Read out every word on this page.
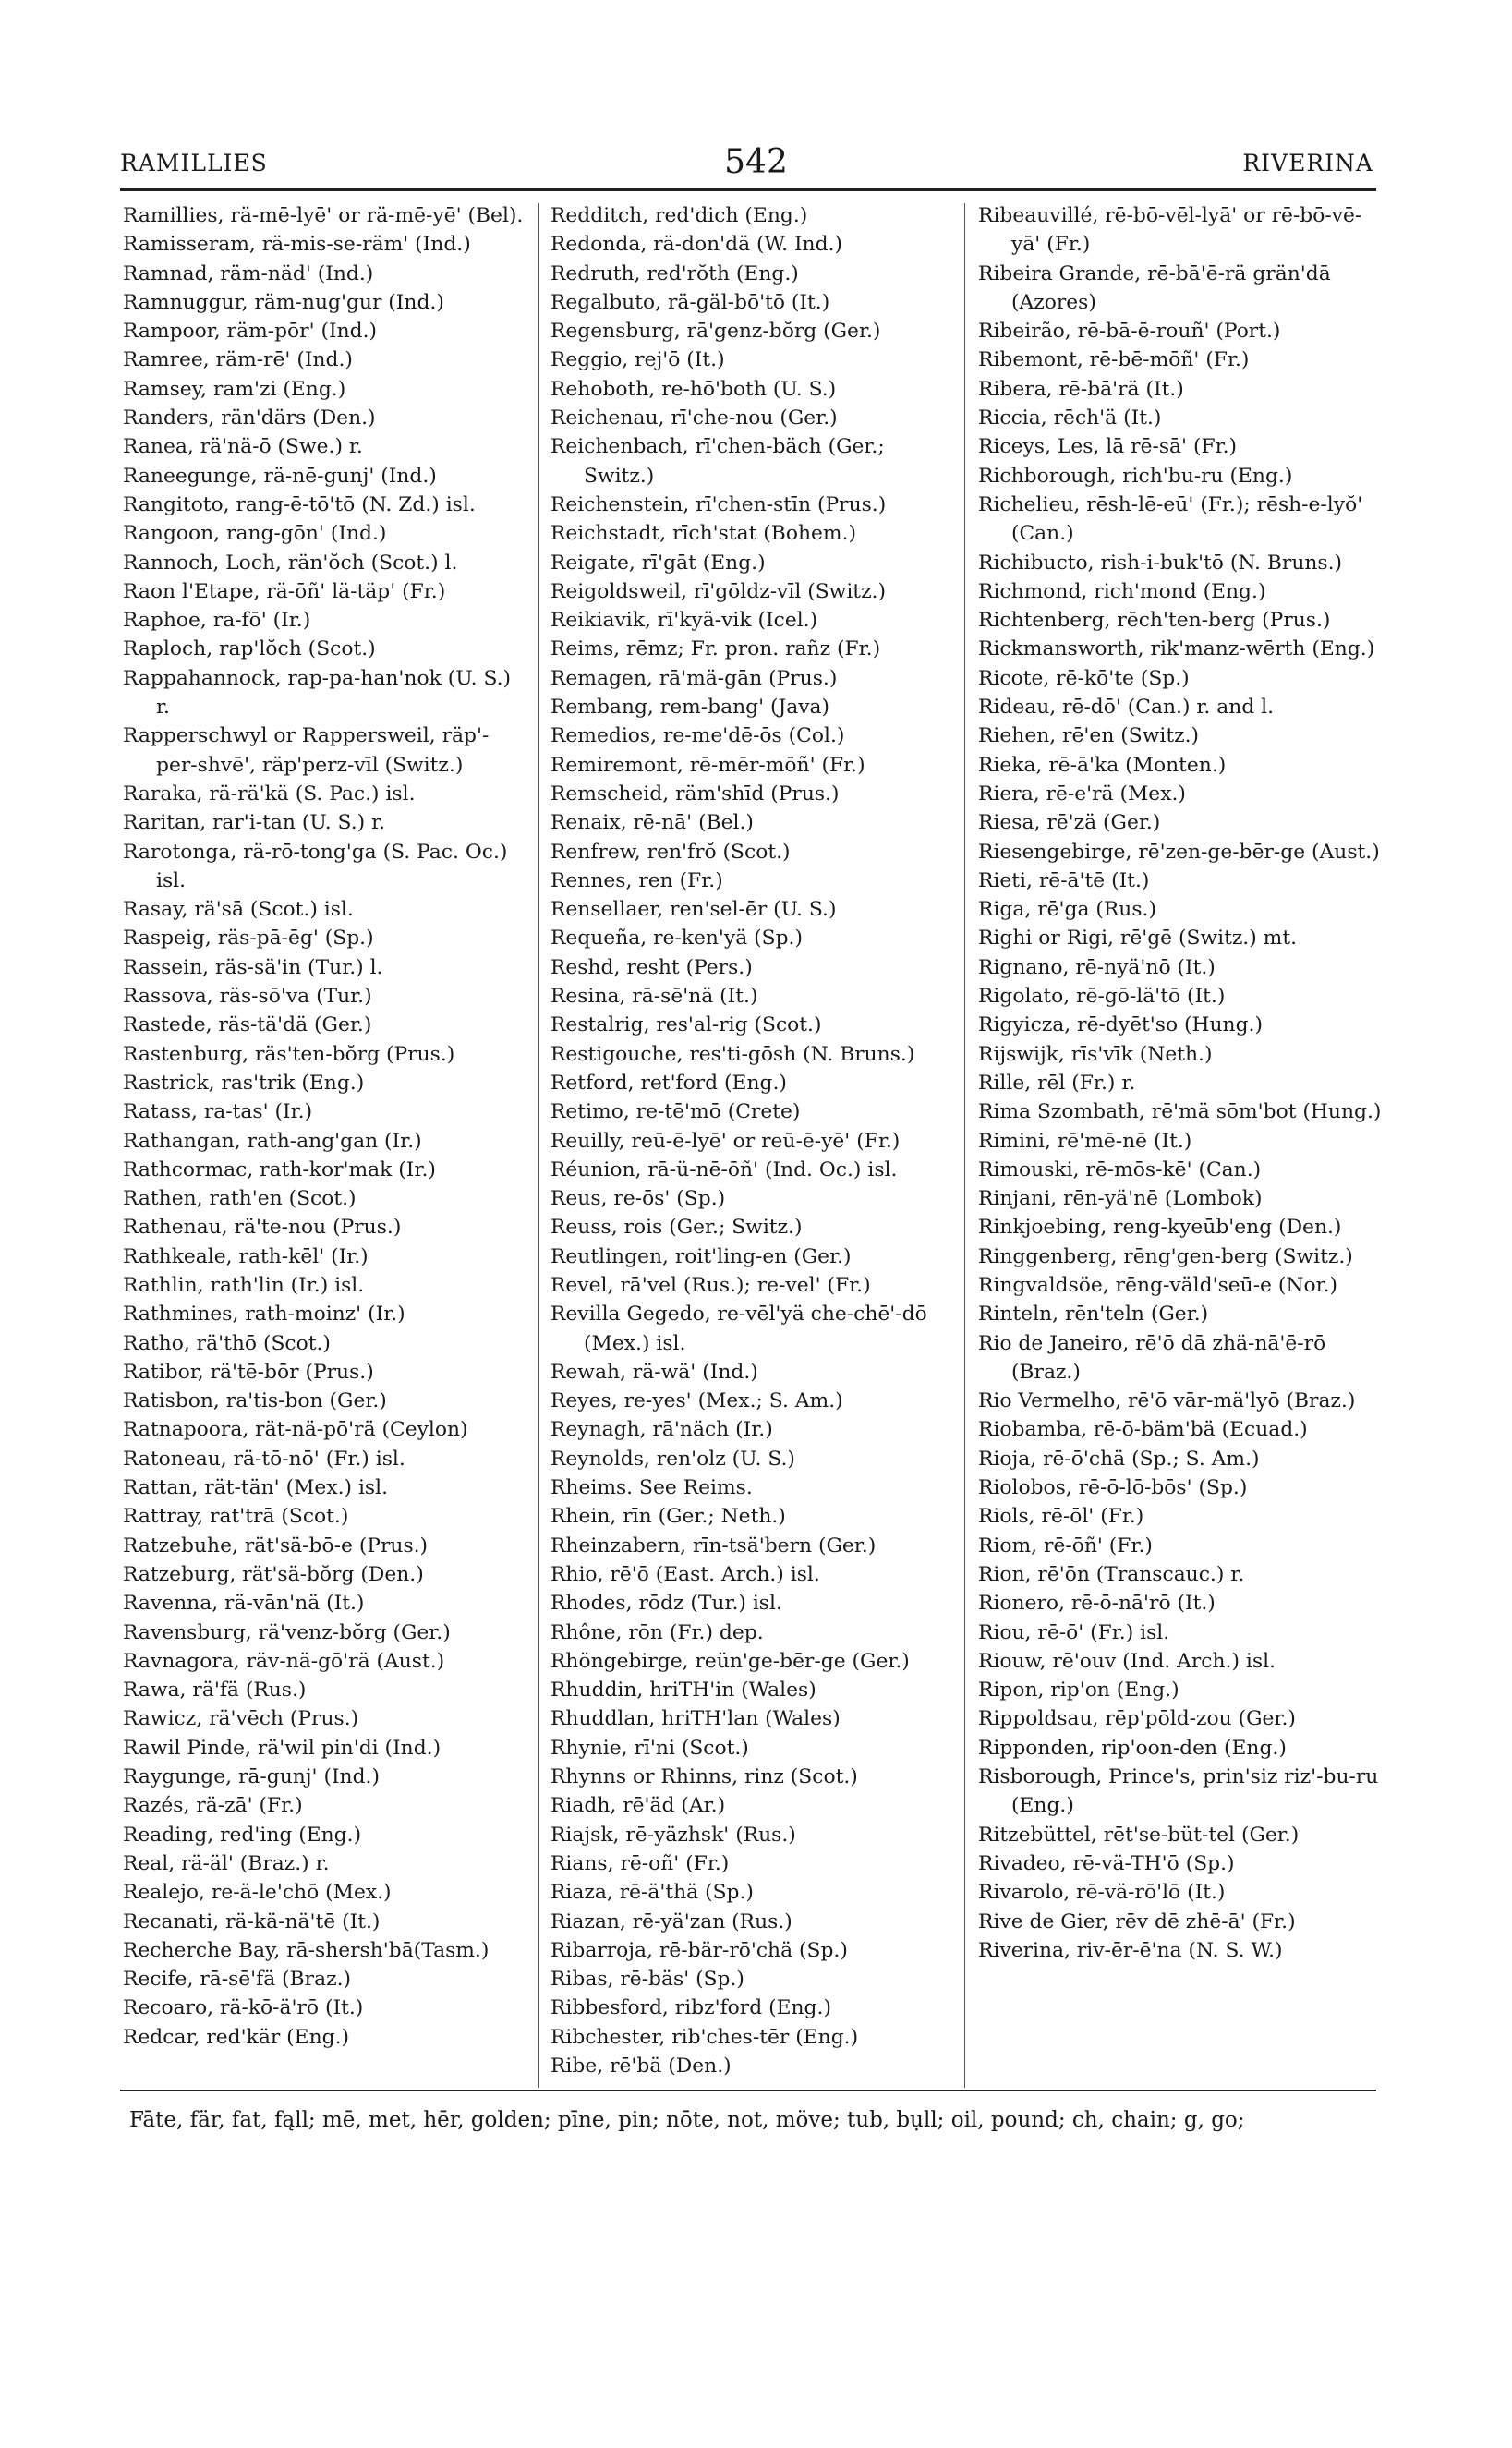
RAMILLIES	542	RIVERINA
Ramillies, rä-mē-lyē' or rä-mē-yē' (Bel).
Ramisseram, rä-mis-se-räm' (Ind.)
Ramnad, räm-näd' (Ind.)
Ramnuggur, räm-nug'gur (Ind.)
Rampoor, räm-pōr' (Ind.)
Ramree, räm-rē' (Ind.)
Ramsey, ram'zi (Eng.)
Randers, rän'därs (Den.)
Ranea, rä'nä-ō (Swe.) r.
Raneegunge, rä-nē-gunj' (Ind.)
Rangitoto, rang-ē-tō'tō (N. Zd.) isl.
Rangoon, rang-gōn' (Ind.)
Rannoch, Loch, rän'ŏch (Scot.) l.
Raon l'Etape, rä-ōñ' lä-täp' (Fr.)
Raphoe, ra-fō' (Ir.)
Raploch, rap'lŏch (Scot.)
Rappahannock, rap-pa-han'nok (U. S.) r.
Rapperschwyl or Rappersweil, räp'-per-shvē', räp'perz-vīl (Switz.)
Raraka, rä-rä'kä (S. Pac.) isl.
Raritan, rar'i-tan (U. S.) r.
Rarotonga, rä-rō-tong'ga (S. Pac. Oc.) isl.
Rasay, rä'sā (Scot.) isl.
Raspeig, räs-pā-ēg' (Sp.)
Rassein, räs-sä'in (Tur.) l.
Rassova, räs-sō'va (Tur.)
Rastede, räs-tä'dä (Ger.)
Rastenburg, räs'ten-bŏrg (Prus.)
Rastrick, ras'trik (Eng.)
Ratass, ra-tas' (Ir.)
Rathangan, rath-ang'gan (Ir.)
Rathcormac, rath-kor'mak (Ir.)
Rathen, rath'en (Scot.)
Rathenau, rä'te-nou (Prus.)
Rathkeale, rath-kēl' (Ir.)
Rathlin, rath'lin (Ir.) isl.
Rathmines, rath-moinz' (Ir.)
Ratho, rä'thō (Scot.)
Ratibor, rä'tē-bōr (Prus.)
Ratisbon, ra'tis-bon (Ger.)
Ratnapoora, rät-nä-pō'rä (Ceylon)
Ratoneau, rä-tō-nō' (Fr.) isl.
Rattan, rät-tän' (Mex.) isl.
Rattray, rat'trā (Scot.)
Ratzebuhe, rät'sä-bō-e (Prus.)
Ratzeburg, rät'sä-bŏrg (Den.)
Ravenna, rä-vān'nä (It.)
Ravensburg, rä'venz-bŏrg (Ger.)
Ravnagora, räv-nä-gō'rä (Aust.)
Rawa, rä'fä (Rus.)
Rawicz, rä'vēch (Prus.)
Rawil Pinde, rä'wil pin'di (Ind.)
Raygunge, rā-gunj' (Ind.)
Razés, rä-zā' (Fr.)
Reading, red'ing (Eng.)
Real, rä-äl' (Braz.) r.
Realejo, re-ä-le'chō (Mex.)
Recanati, rä-kä-nä'tē (It.)
Recherche Bay, rā-shersh'bā(Tasm.)
Recife, rā-sē'fä (Braz.)
Recoaro, rä-kō-ä'rō (It.)
Redcar, red'kär (Eng.)
Redditch, red'dich (Eng.)
Redonda, rä-don'dä (W. Ind.)
Redruth, red'rŏth (Eng.)
Regalbuto, rä-gäl-bō'tō (It.)
Regensburg, rā'genz-bŏrg (Ger.)
Reggio, rej'ō (It.)
Rehoboth, re-hō'both (U. S.)
Reichenau, rī'che-nou (Ger.)
Reichenbach, rī'chen-bäch (Ger.; Switz.)
Reichenstein, rī'chen-stīn (Prus.)
Reichstadt, rīch'stat (Bohem.)
Reigate, rī'gāt (Eng.)
Reigoldsweil, rī'gōldz-vīl (Switz.)
Reikiavik, rī'kyä-vik (Icel.)
Reims, rēmz; Fr. pron. rañz (Fr.)
Remagen, rā'mä-gān (Prus.)
Rembang, rem-bang' (Java)
Remedios, re-me'dē-ōs (Col.)
Remiremont, rē-mēr-mōñ' (Fr.)
Remscheid, räm'shīd (Prus.)
Renaix, rē-nā' (Bel.)
Renfrew, ren'frŏ (Scot.)
Rennes, ren (Fr.)
Rensellaer, ren'sel-ēr (U. S.)
Requeña, re-ken'yä (Sp.)
Reshd, resht (Pers.)
Resina, rā-sē'nä (It.)
Restalrig, res'al-rig (Scot.)
Restigouche, res'ti-gōsh (N. Bruns.)
Retford, ret'ford (Eng.)
Retimo, re-tē'mō (Crete)
Reuilly, reū-ē-lyē' or reū-ē-yē' (Fr.)
Réunion, rā-ü-nē-ōñ' (Ind. Oc.) isl.
Reus, re-ōs' (Sp.)
Reuss, rois (Ger.; Switz.)
Reutlingen, roit'ling-en (Ger.)
Revel, rā'vel (Rus.); re-vel' (Fr.)
Revilla Gegedo, re-vēl'yä che-chē'-dō (Mex.) isl.
Rewah, rä-wä' (Ind.)
Reyes, re-yes' (Mex.; S. Am.)
Reynagh, rā'näch (Ir.)
Reynolds, ren'olz (U. S.)
Rheims. See Reims.
Rhein, rīn (Ger.; Neth.)
Rheinzabern, rīn-tsä'bern (Ger.)
Rhio, rē'ō (East. Arch.) isl.
Rhodes, rōdz (Tur.) isl.
Rhône, rōn (Fr.) dep.
Rhöngebirge, reün'ge-bēr-ge (Ger.)
Rhuddin, hriTH'in (Wales)
Rhuddlan, hriTH'lan (Wales)
Rhynie, rī'ni (Scot.)
Rhynns or Rhinns, rinz (Scot.)
Riadh, rē'äd (Ar.)
Riajsk, rē-yäzhsk' (Rus.)
Rians, rē-oñ' (Fr.)
Riaza, rē-ä'thä (Sp.)
Riazan, rē-yä'zan (Rus.)
Ribarroja, rē-bär-rō'chä (Sp.)
Ribas, rē-bäs' (Sp.)
Ribbesford, ribz'ford (Eng.)
Ribchester, rib'ches-tēr (Eng.)
Ribe, rē'bä (Den.)
Ribeauvillé, rē-bō-vēl-lyā' or rē-bō-vē-yā' (Fr.)
Ribeira Grande, rē-bā'ē-rä grän'dā (Azores)
Ribeirão, rē-bā-ē-rouñ' (Port.)
Ribemont, rē-bē-mōñ' (Fr.)
Ribera, rē-bā'rä (It.)
Riccia, rēch'ä (It.)
Riceys, Les, lā rē-sā' (Fr.)
Richborough, rich'bu-ru (Eng.)
Richelieu, rēsh-lē-eū' (Fr.); rēsh-e-lyŏ' (Can.)
Richibucto, rish-i-buk'tō (N. Bruns.)
Richmond, rich'mond (Eng.)
Richtenberg, rēch'ten-berg (Prus.)
Rickmansworth, rik'manz-wērth (Eng.)
Ricote, rē-kō'te (Sp.)
Rideau, rē-dō' (Can.) r. and l.
Riehen, rē'en (Switz.)
Rieka, rē-ā'ka (Monten.)
Riera, rē-e'rä (Mex.)
Riesa, rē'zä (Ger.)
Riesengebirge, rē'zen-ge-bēr-ge (Aust.)
Rieti, rē-ā'tē (It.)
Riga, rē'ga (Rus.)
Righi or Rigi, rē'gē (Switz.) mt.
Rignano, rē-nyä'nō (It.)
Rigolato, rē-gō-lä'tō (It.)
Rigyicza, rē-dyēt'so (Hung.)
Rijswijk, rīs'vīk (Neth.)
Rille, rēl (Fr.) r.
Rima Szombath, rē'mä sōm'bot (Hung.)
Rimini, rē'mē-nē (It.)
Rimouski, rē-mōs-kē' (Can.)
Rinjani, rēn-yä'nē (Lombok)
Rinkjoebing, reng-kyeūb'eng (Den.)
Ringgenberg, rēng'gen-berg (Switz.)
Ringvaldsöe, rēng-väld'seū-e (Nor.)
Rinteln, rēn'teln (Ger.)
Rio de Janeiro, rē'ō dā zhä-nā'ē-rō (Braz.)
Rio Vermelho, rē'ō vār-mä'lyō (Braz.)
Riobamba, rē-ō-bäm'bä (Ecuad.)
Rioja, rē-ō'chä (Sp.; S. Am.)
Riolobos, rē-ō-lō-bōs' (Sp.)
Riols, rē-ōl' (Fr.)
Riom, rē-ōñ' (Fr.)
Rion, rē'ōn (Transcauc.) r.
Rionero, rē-ō-nā'rō (It.)
Riou, rē-ō' (Fr.) isl.
Riouw, rē'ouv (Ind. Arch.) isl.
Ripon, rip'on (Eng.)
Rippoldsau, rēp'pōld-zou (Ger.)
Ripponden, rip'oon-den (Eng.)
Risborough, Prince's, prin'siz riz'-bu-ru (Eng.)
Ritzebüttel, rēt'se-büt-tel (Ger.)
Rivadeo, rē-vä-TH'ō (Sp.)
Rivarolo, rē-vä-rō'lō (It.)
Rive de Gier, rēv dē zhē-ā' (Fr.)
Riverina, riv-ēr-ē'na (N. S. W.)
Fāte, fär, fat, fąll; mē, met, hēr, golden; pīne, pin; nōte, not, möve; tub, bụll; oil, pound; ch, chain; g, go;
